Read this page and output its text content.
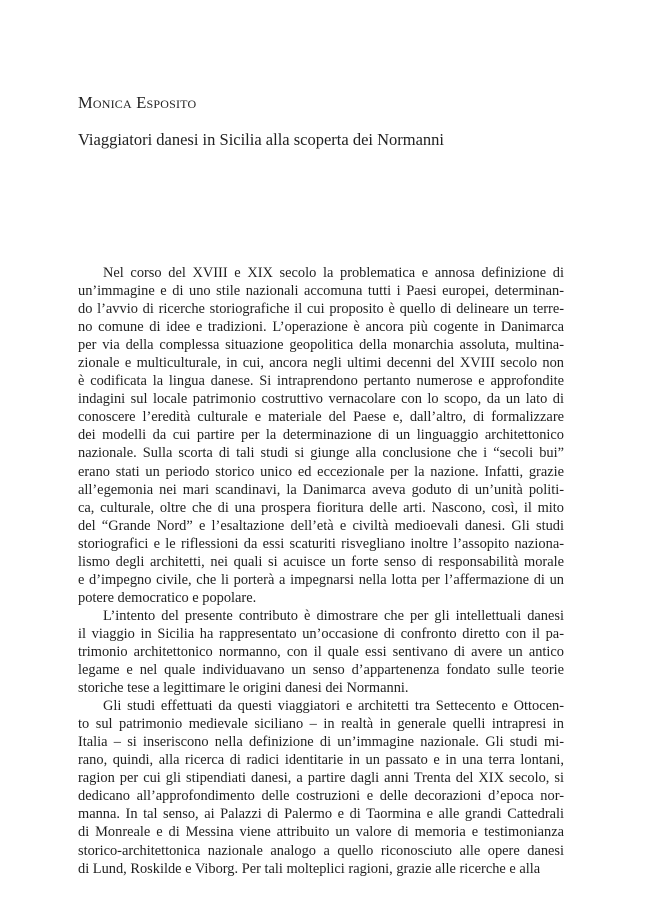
Monica Esposito
Viaggiatori danesi in Sicilia alla scoperta dei Normanni

Nel corso del XVIII e XIX secolo la problematica e annosa definizione di
un’immagine e di uno stile nazionali accomuna tutti i Paesi europei, determinan-
do l’avvio di ricerche storiografiche il cui proposito è quello di delineare un terre-
no comune di idee e tradizioni. L’operazione è ancora più cogente in Danimarca
per via della complessa situazione geopolitica della monarchia assoluta, multina-
zionale e multiculturale, in cui, ancora negli ultimi decenni del XVIII secolo non
è codificata la lingua danese. Si intraprendono pertanto numerose e approfondite
indagini sul locale patrimonio costruttivo vernacolare con lo scopo, da un lato di
conoscere l’eredità culturale e materiale del Paese e, dall’altro, di formalizzare
dei modelli da cui partire per la determinazione di un linguaggio architettonico
nazionale. Sulla scorta di tali studi si giunge alla conclusione che i “secoli bui”
erano stati un periodo storico unico ed eccezionale per la nazione. Infatti, grazie
all’egemonia nei mari scandinavi, la Danimarca aveva goduto di un’unità politi-
ca, culturale, oltre che di una prospera fioritura delle arti. Nascono, così, il mito
del “Grande Nord” e l’esaltazione dell’età e civiltà medioevali danesi. Gli studi
storiografici e le riflessioni da essi scaturiti risvegliano inoltre l’assopito naziona-
lismo degli architetti, nei quali si acuisce un forte senso di responsabilità morale
e d’impegno civile, che li porterà a impegnarsi nella lotta per l’affermazione di un
potere democratico e popolare.

L’intento del presente contributo è dimostrare che per gli intellettuali danesi
il viaggio in Sicilia ha rappresentato un’occasione di confronto diretto con il pa-
trimonio architettonico normanno, con il quale essi sentivano di avere un antico
legame e nel quale individuavano un senso d’appartenenza fondato sulle teorie
storiche tese a legittimare le origini danesi dei Normanni.

Gli studi effettuati da questi viaggiatori e architetti tra Settecento e Ottocen-
to sul patrimonio medievale siciliano – in realtà in generale quelli intrapresi in
Italia – si inseriscono nella definizione di un’immagine nazionale. Gli studi mi-
rano, quindi, alla ricerca di radici identitarie in un passato e in una terra lontani,
ragion per cui gli stipendiati danesi, a partire dagli anni Trenta del XIX secolo, si
dedicano all’approfondimento delle costruzioni e delle decorazioni d’epoca nor-
manna. In tal senso, ai Palazzi di Palermo e di Taormina e alle grandi Cattedrali
di Monreale e di Messina viene attribuito un valore di memoria e testimonianza
storico-architettonica nazionale analogo a quello riconosciuto alle opere danesi
di Lund, Roskilde e Viborg. Per tali molteplici ragioni, grazie alle ricerche e alla
